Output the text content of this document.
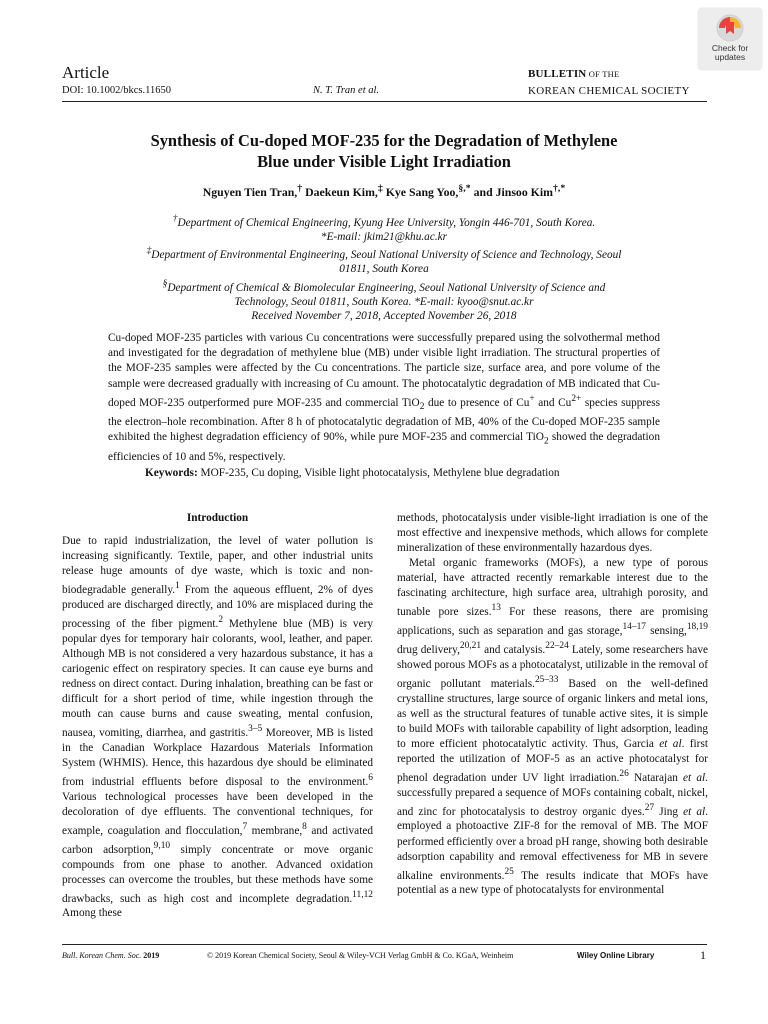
Check for
updates
Article
DOI: 10.1002/bkcs.11650	N. T. Tran et al.
BULLETIN OF THE
KOREAN CHEMICAL SOCIETY
Synthesis of Cu-doped MOF-235 for the Degradation of Methylene
Blue under Visible Light Irradiation
Nguyen Tien Tran,† Daekeun Kim,‡ Kye Sang Yoo,§,* and Jinsoo Kim†,*
†Department of Chemical Engineering, Kyung Hee University, Yongin 446-701, South Korea.
*E-mail: jkim21@khu.ac.kr
‡Department of Environmental Engineering, Seoul National University of Science and Technology, Seoul
01811, South Korea
§Department of Chemical & Biomolecular Engineering, Seoul National University of Science and
Technology, Seoul 01811, South Korea. *E-mail: kyoo@snut.ac.kr
Received November 7, 2018, Accepted November 26, 2018
Cu-doped MOF-235 particles with various Cu concentrations were successfully prepared using the solvothermal method and investigated for the degradation of methylene blue (MB) under visible light irradiation. The structural properties of the MOF-235 samples were affected by the Cu concentrations. The particle size, surface area, and pore volume of the sample were decreased gradually with increasing of Cu amount. The photocatalytic degradation of MB indicated that Cu-doped MOF-235 outperformed pure MOF-235 and commercial TiO$_2$ due to presence of Cu+ and $Cu^{2+}$ species suppress the electron–hole recombination. After 8 h of photocatalytic degradation of MB, 40% of the Cu-doped MOF-235 sample exhibited the highest degradation efficiency of 90%, while pure MOF-235 and commercial TiO$_2$ showed the degradation efficiencies of 10 and 5%, respectively.
Keywords: MOF-235, Cu doping, Visible light photocatalysis, Methylene blue degradation

Introduction

Due to rapid industrialization, the level of water pollution is increasing significantly. Textile, paper, and other industrial units release huge amounts of dye waste, which is toxic and non-biodegradable generally.$^1$ From the aqueous effluent, 2% of dyes produced are discharged directly, and 10% are misplaced during the processing of the fiber pigment.$^2$ Methylene blue (MB) is very popular dyes for temporary hair colorants, wool, leather, and paper. Although MB is not considered a very hazardous substance, it has a cariogenic effect on respiratory species. It can cause eye burns and redness on direct contact. During inhalation, breathing can be fast or difficult for a short period of time, while ingestion through the mouth can cause burns and cause sweating, mental confusion, nausea, vomiting, diarrhea, and gastritis.$^{3-5}$ Moreover, MB is listed in the Canadian Workplace Hazardous Materials Information System (WHMIS). Hence, this hazardous dye should be eliminated from industrial effluents before disposal to the environment.$^6$ Various technological processes have been developed in the decoloration of dye effluents. The conventional techniques, for example, coagulation and flocculation,$^7$ membrane,$^8$ and activated carbon adsorption,$^{9,10}$ simply concentrate or move organic compounds from one phase to another. Advanced oxidation processes can overcome the troubles, but these methods have some drawbacks, such as high cost and incomplete degradation.$^{11,12}$ Among these

methods, photocatalysis under visible-light irradiation is one of the most effective and inexpensive methods, which allows for complete mineralization of these environmentally hazardous dyes.

Metal organic frameworks (MOFs), a new type of porous material, have attracted recently remarkable interest due to the fascinating architecture, high surface area, ultrahigh porosity, and tunable pore sizes.$^{13}$ For these reasons, there are promising applications, such as separation and gas storage,$^{14-17}$ sensing,$^{18,19}$ drug delivery,$^{20,21}$ and catalysis.$^{22-24}$ Lately, some researchers have showed porous MOFs as a photocatalyst, utilizable in the removal of organic pollutant materials.$^{25-33}$ Based on the well-defined crystalline structures, large source of organic linkers and metal ions, as well as the structural features of tunable active sites, it is simple to build MOFs with tailorable capability of light adsorption, leading to more efficient photocatalytic activity. Thus, Garcia et al. first reported the utilization of MOF-5 as an active photocatalyst for phenol degradation under UV light irradiation.$^{26}$ Natarajan et al. successfully prepared a sequence of MOFs containing cobalt, nickel, and zinc for photocatalysis to destroy organic dyes.$^{27}$ Jing et al. employed a photoactive ZIF-8 for the removal of MB. The MOF performed efficiently over a broad pH range, showing both desirable adsorption capability and removal effectiveness for MB in severe alkaline environments.$^{25}$ The results indicate that MOFs have potential as a new type of photocatalysts for environmental

Bull. Korean Chem. Soc. 2019	© 2019 Korean Chemical Society, Seoul & Wiley-VCH Verlag GmbH & Co. KGaA, Weinheim	Wiley Online Library	1
